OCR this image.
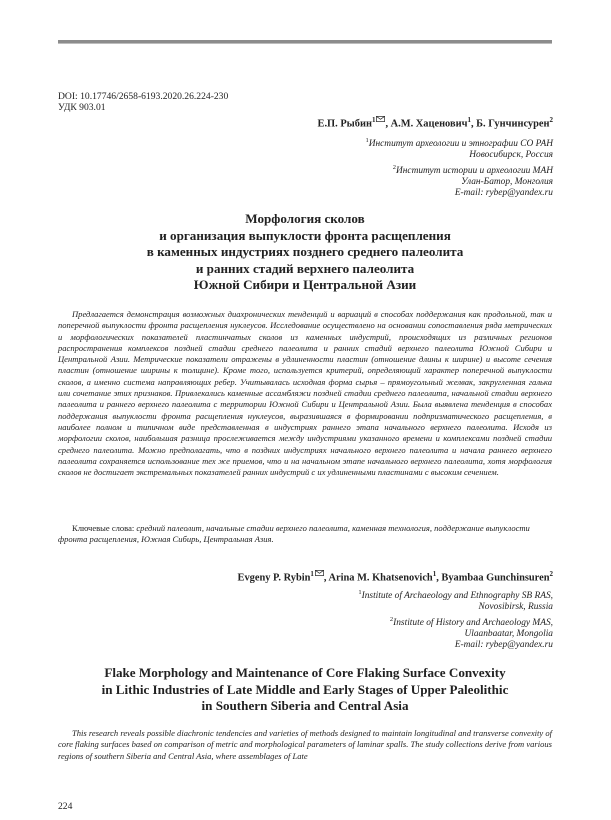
DOI: 10.17746/2658-6193.2020.26.224-230
УДК 903.01
Е.П. Рыбин$^1$ , А.М. Хаценович$^1$, Б. Гунчинсурен$^2$

$^1$Институт археологии и этнографии СО РАН

Новосибирск, Россия

$^2$Институт истории и археологии МАН

Улан-Батор, Монголия

E-mail: rybep@yandex.ru

Морфология сколов

и организация выпуклости фронта расщепления

в каменных индустриях позднего среднего палеолита

и ранних стадий верхнего палеолита

Южной Сибири и Центральной Азии

Предлагается демонстрация возможных диахронических тенденций и вариаций в способах поддержания как продольной, так и поперечной выпуклости фронта расщепления нуклеусов. Исследование осуществлено на основании сопоставления ряда метрических и морфологических показателей пластинчатых сколов из каменных индустрий, происходящих из различных регионов распространения комплексов поздней стадии среднего палеолита и ранних стадий верхнего палеолита Южной Сибири и Центральной Азии. Метрические показатели отражены в удлиненности пластин (отношение длины к ширине) и высоте сечения пластин (отношение ширины к толщине). Кроме того, используется критерий, определяющий характер поперечной выпуклости сколов, а именно система направляющих ребер. Учитывалась исходная форма сырья – прямоугольный желвак, закругленная галька или сочетание этих признаков. Привлекались каменные ассамбляжи поздней стадии среднего палеолита, начальной стадии верхнего палеолита и раннего верхнего палеолита с территории Южной Сибири и Центральной Азии. Была выявлена тенденция в способах поддержания выпуклости фронта расщепления нуклеусов, выразившаяся в формировании подпризматического расщепления, в наиболее полном и типичном виде представленная в индустриях раннего этапа начального верхнего палеолита. Исходя из морфологии сколов, наибольшая разница прослеживается между индустриями указанного времени и комплексами поздней стадии среднего палеолита. Можно предполагать, что в поздних индустриях начального верхнего палеолита и начала раннего верхнего палеолита сохраняется использование тех же приемов, что и на начальном этапе начального верхнего палеолита, хотя морфология сколов не достигает экстремальных показателей ранних индустрий с их удлиненными пластинами с высоким сечением.

Ключевые слова: средний палеолит, начальные стадии верхнего палеолита, каменная технология, поддержание выпуклости фронта расщепления, Южная Сибирь, Центральная Азия.

Evgeny P. Rybin$^1$ , Arina M. Khatsenovich$^1$, Byambaa Gunchinsuren$^2$

$^1$Institute of Archaeology and Ethnography SB RAS,

Novosibirsk, Russia

$^2$Institute of History and Archaeology MAS,

Ulaanbaatar, Mongolia

E-mail: rybep@yandex.ru

Flake Morphology and Maintenance of Core Flaking Surface Convexity

in Lithic Industries of Late Middle and Early Stages of Upper Paleolithic

in Southern Siberia and Central Asia

This research reveals possible diachronic tendencies and varieties of methods designed to maintain longitudinal and transverse convexity of core flaking surfaces based on comparison of metric and morphological parameters of laminar spalls. The study collections derive from various regions of southern Siberia and Central Asia, where assemblages of Late

224
